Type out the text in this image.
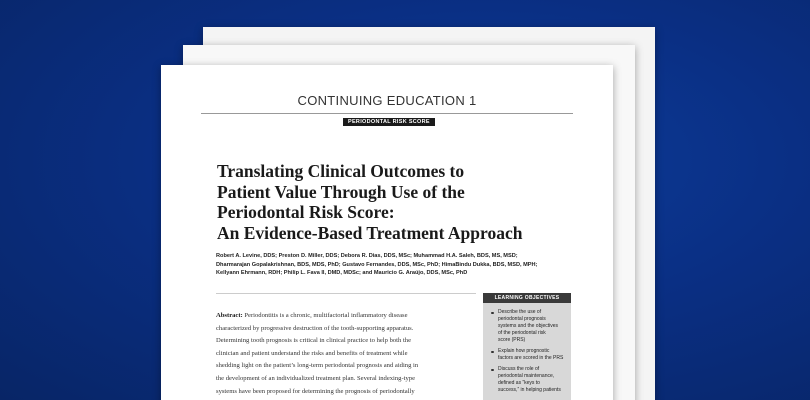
CONTINUING EDUCATION 1
PERIODONTAL RISK SCORE
Translating Clinical Outcomes to
Patient Value Through Use of the
Periodontal Risk Score:
An Evidence-Based Treatment Approach
Robert A. Levine, DDS; Preston D. Miller, DDS; Debora R. Dias, DDS, MSc; Muhammad H.A. Saleh, BDS, MS, MSD;
Dharmarajan Gopalakrishnan, BDS, MDS, PhD; Gustavo Fernandes, DDS, MSc, PhD; HimaBindu Dukka, BDS, MSD, MPH;
Kellyann Ehrmann, RDH; Philip L. Fava II, DMD, MDSc; and Mauricio G. Araújo, DDS, MSc, PhD
Abstract: Periodontitis is a chronic, multifactorial inflammatory disease
characterized by progressive destruction of the tooth-supporting apparatus.
Determining tooth prognosis is critical in clinical practice to help both the
clinician and patient understand the risks and benefits of treatment while
shedding light on the patient’s long-term periodontal prognosis and aiding in
the development of an individualized treatment plan. Several indexing-type
systems have been proposed for determining the prognosis of periodontally
LEARNING OBJECTIVES
Describe the use of
periodontal prognosis
systems and the objectives
of the periodontal risk
score (PRS)
Explain how prognostic
factors are scored in the PRS
Discuss the role of
periodontal maintenance,
defined as “keys to
success,” in helping patients
